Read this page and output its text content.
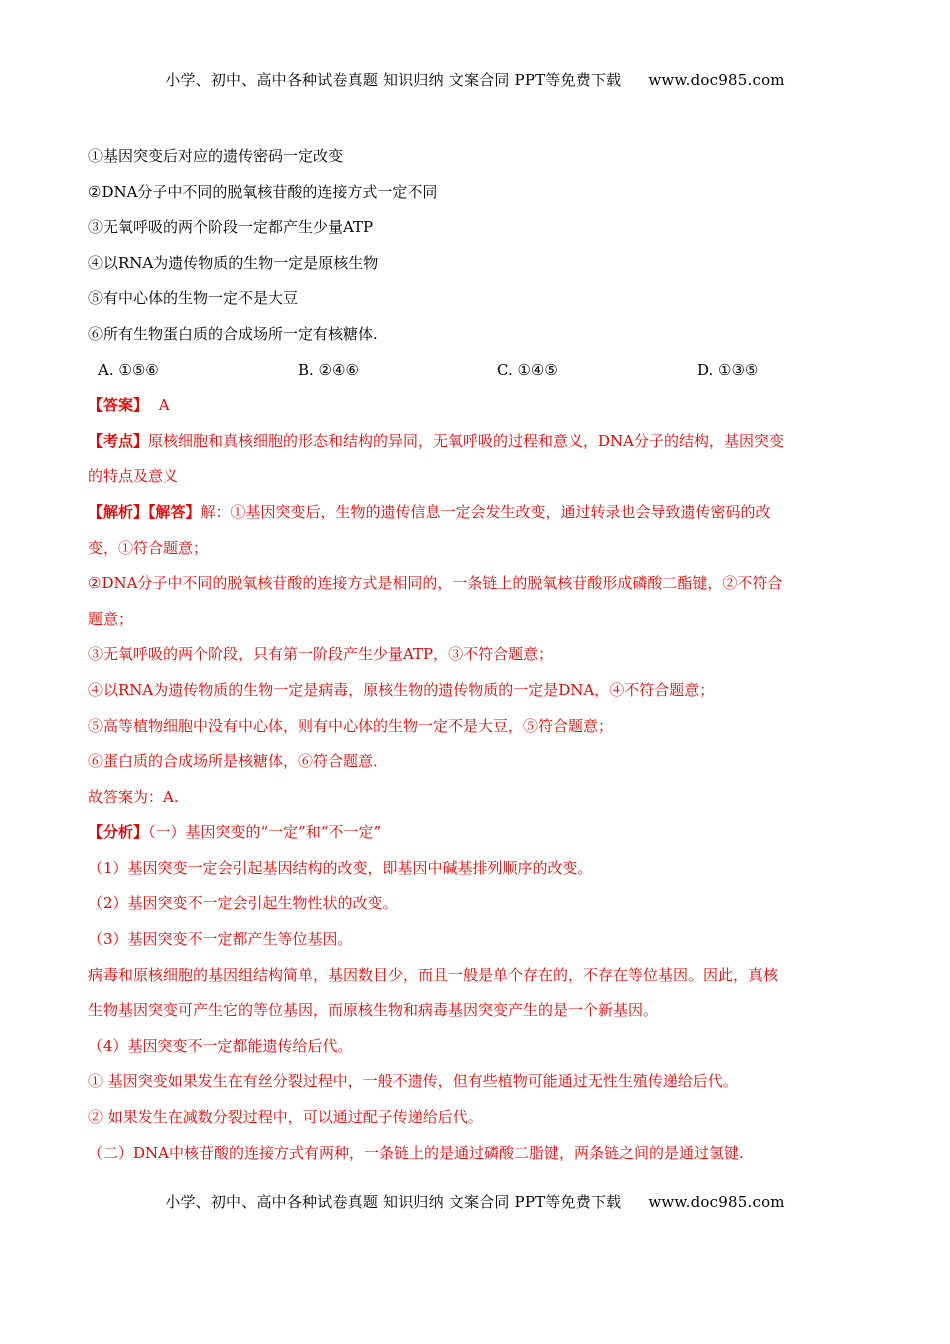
小学、初中、高中各种试卷真题 知识归纳 文案合同 PPT等免费下载 www.doc985.com
①基因突变后对应的遗传密码一定改变
②DNA分子中不同的脱氧核苷酸的连接方式一定不同
③无氧呼吸的两个阶段一定都产生少量ATP
④以RNA为遗传物质的生物一定是原核生物
⑤有中心体的生物一定不是大豆
⑥所有生物蛋白质的合成场所一定有核糖体.
A. ①⑤⑥	B. ②④⑥	C. ①④⑤	D. ①③⑤
【答案】 A
【考点】原核细胞和真核细胞的形态和结构的异同，无氧呼吸的过程和意义，DNA分子的结构，基因突变
的特点及意义
【解析】【解答】解：①基因突变后，生物的遗传信息一定会发生改变，通过转录也会导致遗传密码的改
变，①符合题意；
②DNA分子中不同的脱氧核苷酸的连接方式是相同的，一条链上的脱氧核苷酸形成磷酸二酯键，②不符合
题意；
③无氧呼吸的两个阶段，只有第一阶段产生少量ATP，③不符合题意；
④以RNA为遗传物质的生物一定是病毒，原核生物的遗传物质的一定是DNA，④不符合题意；
⑤高等植物细胞中没有中心体，则有中心体的生物一定不是大豆，⑤符合题意；
⑥蛋白质的合成场所是核糖体，⑥符合题意．
故答案为：A.
【分析】（一）基因突变的“一定”和“不一定”
（1）基因突变一定会引起基因结构的改变，即基因中碱基排列顺序的改变。
（2）基因突变不一定会引起生物性状的改变。
（3）基因突变不一定都产生等位基因。
病毒和原核细胞的基因组结构简单，基因数目少，而且一般是单个存在的，不存在等位基因。因此，真核
生物基因突变可产生它的等位基因，而原核生物和病毒基因突变产生的是一个新基因。
（4）基因突变不一定都能遗传给后代。
① 基因突变如果发生在有丝分裂过程中，一般不遗传，但有些植物可能通过无性生殖传递给后代。
② 如果发生在减数分裂过程中，可以通过配子传递给后代。
（二）DNA中核苷酸的连接方式有两种，一条链上的是通过磷酸二脂键，两条链之间的是通过氢键.
小学、初中、高中各种试卷真题 知识归纳 文案合同 PPT等免费下载 www.doc985.com
